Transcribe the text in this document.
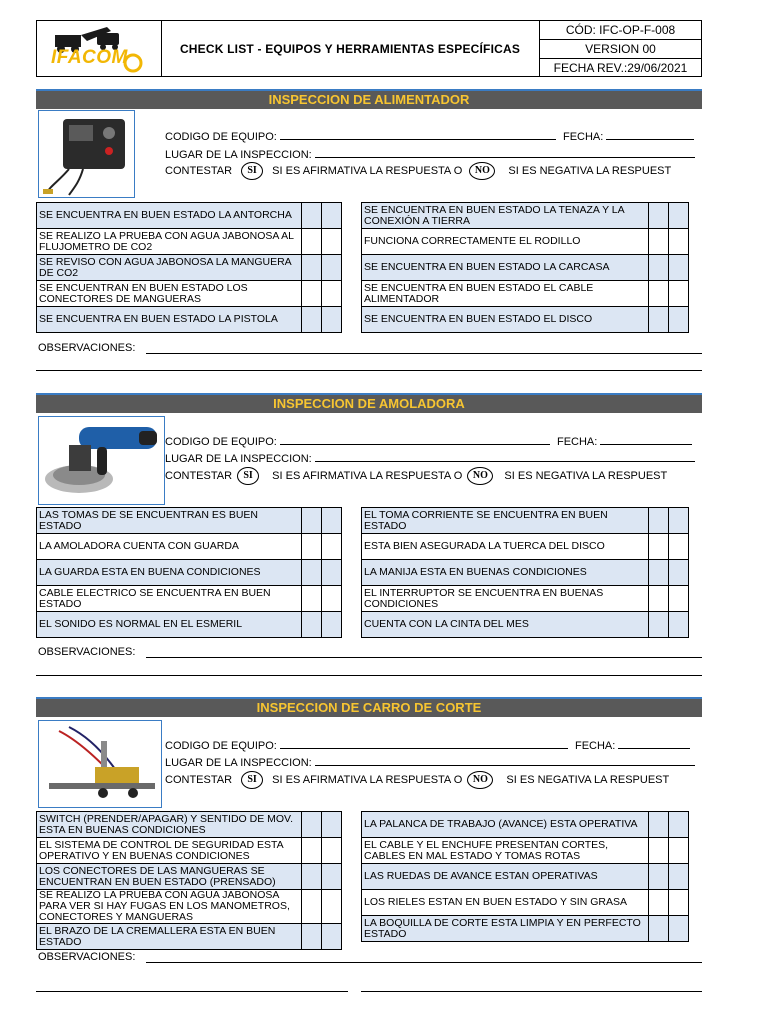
IFACOM	CHECK LIST - EQUIPOS Y HERRAMIENTAS ESPECÍFICAS
CÓD: IFC-OP-F-008
VERSION 00
FECHA REV.:29/06/2021
INSPECCION DE ALIMENTADOR
CODIGO DE EQUIPO:	FECHA:
LUGAR DE LA INSPECCION:
CONTESTAR SI SI ES AFIRMATIVA LA RESPUESTA O NO SI ES NEGATIVA LA RESPUEST
SE ENCUENTRA EN BUEN ESTADO LA ANTORCHA		
SE REALIZO LA PRUEBA CON AGUA JABONOSA AL FLUJOMETRO DE CO2		
SE REVISO CON AGUA JABONOSA LA MANGUERA DE CO2		
SE ENCUENTRAN EN BUEN ESTADO LOS CONECTORES DE MANGUERAS		
SE ENCUENTRA EN BUEN ESTADO LA PISTOLA		
SE ENCUENTRA EN BUEN ESTADO LA TENAZA Y LA CONEXIÓN A TIERRA		
FUNCIONA CORRECTAMENTE EL RODILLO		
SE ENCUENTRA EN BUEN ESTADO LA CARCASA		
SE ENCUENTRA EN BUEN ESTADO EL CABLE ALIMENTADOR		
SE ENCUENTRA EN BUEN ESTADO EL DISCO		
OBSERVACIONES:
INSPECCION DE AMOLADORA
CODIGO DE EQUIPO:	FECHA:
LUGAR DE LA INSPECCION:
CONTESTAR SI SI ES AFIRMATIVA LA RESPUESTA O NO SI ES NEGATIVA LA RESPUEST
LAS TOMAS DE SE ENCUENTRAN ES BUEN ESTADO		
LA AMOLADORA CUENTA CON GUARDA		
LA GUARDA ESTA EN BUENA CONDICIONES		
CABLE ELECTRICO SE ENCUENTRA EN BUEN ESTADO		
EL SONIDO ES NORMAL EN EL ESMERIL		
EL TOMA CORRIENTE SE ENCUENTRA EN BUEN ESTADO		
ESTA BIEN ASEGURADA LA TUERCA DEL DISCO		
LA MANIJA ESTA EN BUENAS CONDICIONES		
EL INTERRUPTOR SE ENCUENTRA EN BUENAS CONDICIONES		
CUENTA CON LA CINTA DEL MES		
OBSERVACIONES:
INSPECCION DE CARRO DE CORTE
CODIGO DE EQUIPO:	FECHA:
LUGAR DE LA INSPECCION:
CONTESTAR SI SI ES AFIRMATIVA LA RESPUESTA O NO SI ES NEGATIVA LA RESPUEST
SWITCH (PRENDER/APAGAR) Y SENTIDO DE MOV. ESTA EN BUENAS CONDICIONES		
EL SISTEMA DE CONTROL DE SEGURIDAD ESTA OPERATIVO Y EN BUENAS CONDICIONES		
LOS CONECTORES DE LAS MANGUERAS SE ENCUENTRAN EN BUEN ESTADO (PRENSADO)		
SE REALIZO LA PRUEBA CON AGUA JABONOSA PARA VER SI HAY FUGAS EN LOS MANOMETROS, CONECTORES Y MANGUERAS		
EL BRAZO DE LA CREMALLERA ESTA EN BUEN ESTADO		
LA PALANCA DE TRABAJO (AVANCE) ESTA OPERATIVA		
EL CABLE Y EL ENCHUFE PRESENTAN CORTES, CABLES EN MAL ESTADO Y TOMAS ROTAS		
LAS RUEDAS DE AVANCE ESTAN OPERATIVAS		
LOS RIELES ESTAN EN BUEN ESTADO Y SIN GRASA		
LA BOQUILLA DE CORTE ESTA LIMPIA Y EN PERFECTO ESTADO		
OBSERVACIONES:
